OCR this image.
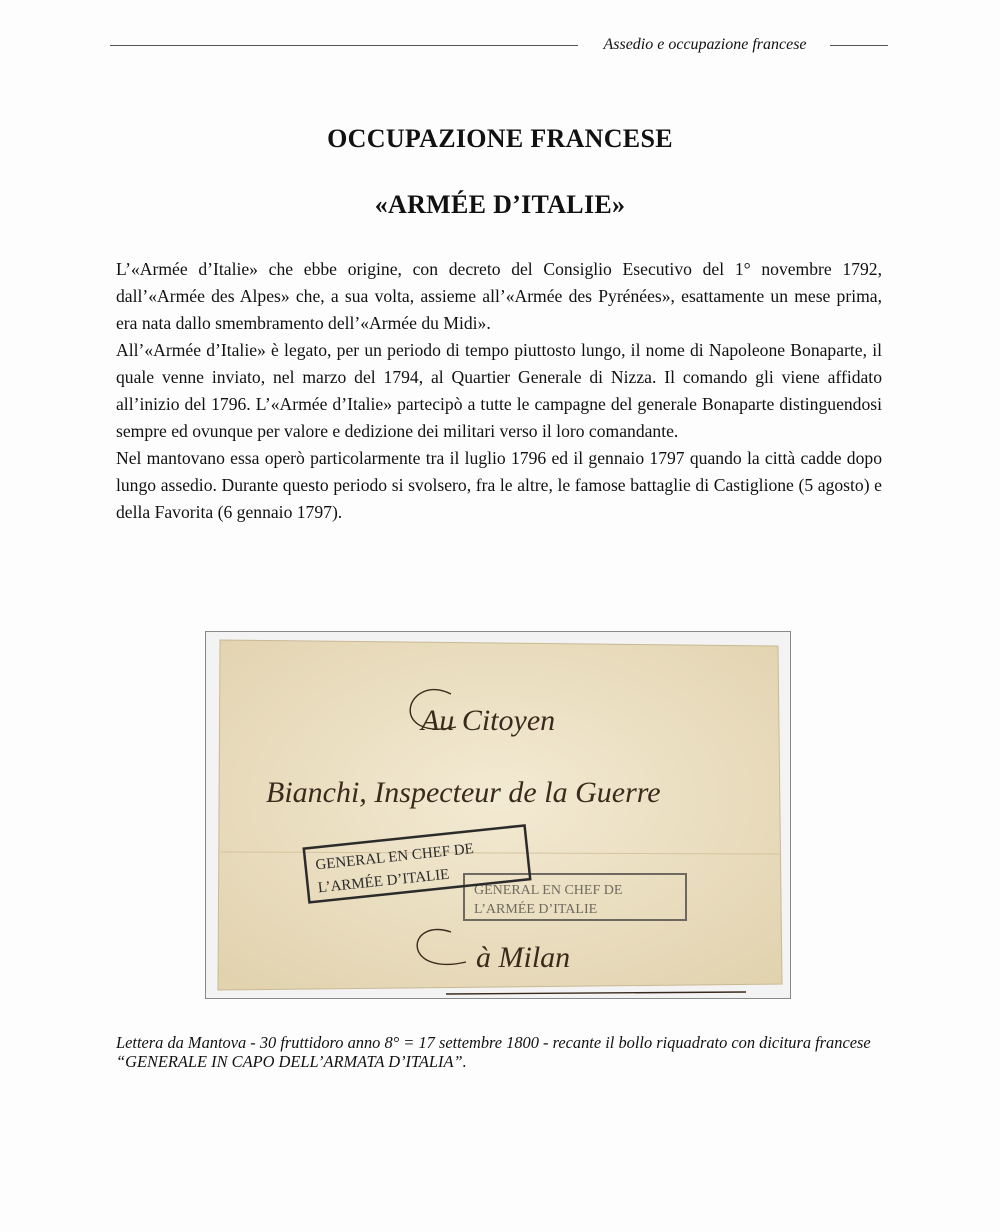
Assedio e occupazione francese
OCCUPAZIONE FRANCESE
«ARMÉE D’ITALIE»

L’«Armée d’Italie» che ebbe origine, con decreto del Consiglio Esecutivo del 1° novembre 1792, dall’«Armée des Alpes» che, a sua volta, assieme all’«Armée des Pyrénées», esattamente un mese prima, era nata dallo smembramento dell’«Armée du Midi».

All’«Armée d’Italie» è legato, per un periodo di tempo piuttosto lungo, il nome di Napoleone Bonaparte, il quale venne inviato, nel marzo del 1794, al Quartier Generale di Nizza. Il comando gli viene affidato all’inizio del 1796. L’«Armée d’Italie» partecipò a tutte le campagne del generale Bonaparte distinguendosi sempre ed ovunque per valore e dedizione dei militari verso il loro comandante.

Nel mantovano essa operò particolarmente tra il luglio 1796 ed il gennaio 1797 quando la città cadde dopo lungo assedio. Durante questo periodo si svolsero, fra le altre, le famose battaglie di Castiglione (5 agosto) e della Favorita (6 gennaio 1797).

Au Citoyen
Bianchi, Inspecteur de la Guerre
à Milan
GENERAL EN CHEF DE
L’ARMÉE D’ITALIE GENERAL EN CHEF DE
L’ARMÉE D’ITALIE
Lettera da Mantova - 30 fruttidoro anno 8° = 17 settembre 1800 - recante il bollo riquadrato con dicitura francese “GENERALE IN CAPO DELL’ARMATA D’ITALIA”.
